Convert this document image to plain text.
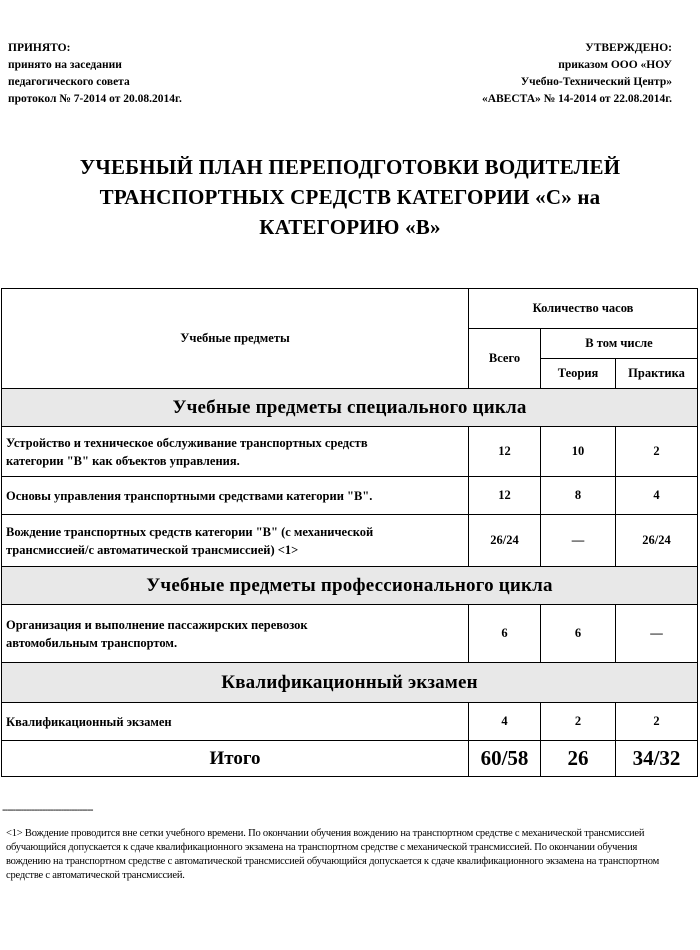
ПРИНЯТО:
принято на заседании
педагогического совета
протокол № 7-2014 от 20.08.2014г.
УТВЕРЖДЕНО:
приказом ООО «НОУ
Учебно-Технический Центр»
«АВЕСТА» № 14-2014 от 22.08.2014г.
УЧЕБНЫЙ ПЛАН ПЕРЕПОДГОТОВКИ ВОДИТЕЛЕЙ
ТРАНСПОРТНЫХ СРЕДСТВ КАТЕГОРИИ «С» на
КАТЕГОРИЮ «В»
Учебные предметы	Количество часов		
	Всего	В том числе	
		Теория	Практика
Учебные предметы специального цикла			

Устройство и техническое обслуживание транспортных средств
категории "В" как объектов управления.	12	10	2
Основы управления транспортными средствами категории "В".	12	8	4

Вождение транспортных средств категории "В" (с механической
трансмиссией/с автоматической трансмиссией) <1>	26/24	—	26/24
Учебные предметы профессионального цикла			

Организация и выполнение пассажирских перевозок
автомобильным транспортом.	6	6	—
Квалификационный экзамен			
Квалификационный экзамен	4	2	2
Итого	60/58	26	34/32
----------------------------------
<1> Вождение проводится вне сетки учебного времени. По окончании обучения вождению на транспортном средстве с механической трансмиссией обучающийся допускается к сдаче квалификационного экзамена на транспортном средстве с механической трансмиссией. По окончании обучения вождению на транспортном средстве с автоматической трансмиссией обучающийся допускается к сдаче квалификационного экзамена на транспортном средстве с автоматической трансмиссией.
